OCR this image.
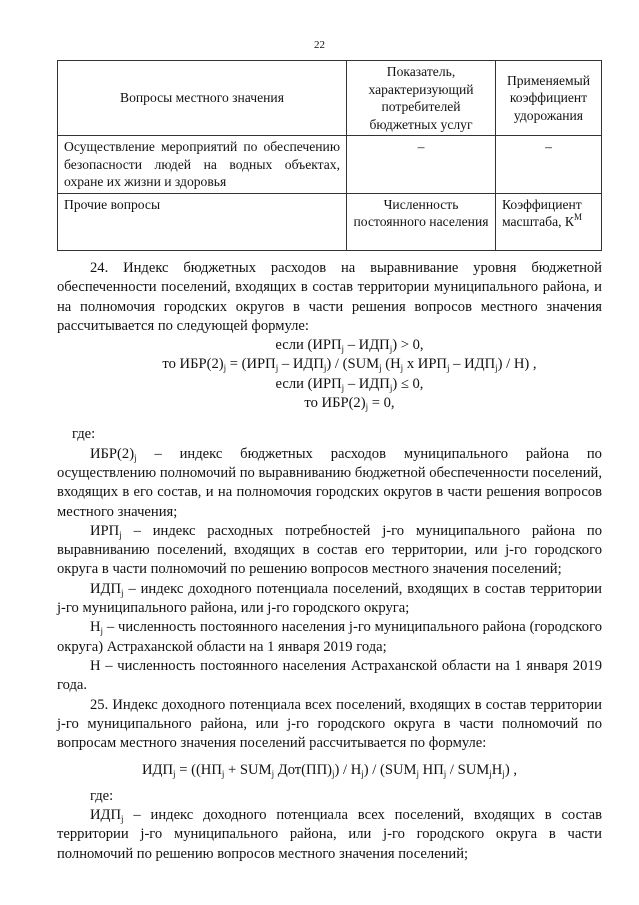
22
Вопросы местного значения	Показатель, характеризующий потребителей бюджетных услуг	Применяемый коэффициент удорожания
Осуществление мероприятий по обеспечению безопасности людей на водных объектах, охране их жизни и здоровья	–	–
Прочие вопросы	Численность постоянного населения	Коэффициент масштаба, $К^М$

24. Индекс бюджетных расходов на выравнивание уровня бюджетной обеспеченности поселений, входящих в состав территории муниципального района, и на полномочия городских округов в части решения вопросов местного значения рассчитывается по следующей формуле:

если $(ИРП_j - ИДП_j) > 0$,

то $ИБР(2)_j = (ИРП_j - ИДП_j) / (SUM_j$ ($H_j$ x $ИРП_j - ИДП_j) / Н$) ,

если $(ИРП_j - ИДП_j) \le 0$,

то $ИБР(2)_j = 0$,

где:

$ИБР(2)_j$ – индекс бюджетных расходов муниципального района по осуществлению полномочий по выравниванию бюджетной обеспеченности поселений, входящих в его состав, и на полномочия городских округов в части решения вопросов местного значения;

$ИРП_j$ – индекс расходных потребностей j-го муниципального района по выравниванию поселений, входящих в состав его территории, или j-го городского округа в части полномочий по решению вопросов местного значения поселений;

$ИДП_j$ – индекс доходного потенциала поселений, входящих в состав территории j-го муниципального района, или j-го городского округа;

$Н_j$ – численность постоянного населения j-го муниципального района (городского округа) Астраханской области на 1 января 2019 года;

Н – численность постоянного населения Астраханской области на 1 января 2019 года.

25. Индекс доходного потенциала всех поселений, входящих в состав территории j-го муниципального района, или j-го городского округа в части полномочий по вопросам местного значения поселений рассчитывается по формуле:

$ИДП_j = ((НП_j + SUM_j$ $Дот(ПП)_j) / H_j) / (SUM_j$ $НП_j / SUM_jH_j$) ,

где:

$ИДП_j$ – индекс доходного потенциала всех поселений, входящих в состав территории j-го муниципального района, или j-го городского округа в части полномочий по решению вопросов местного значения поселений;
